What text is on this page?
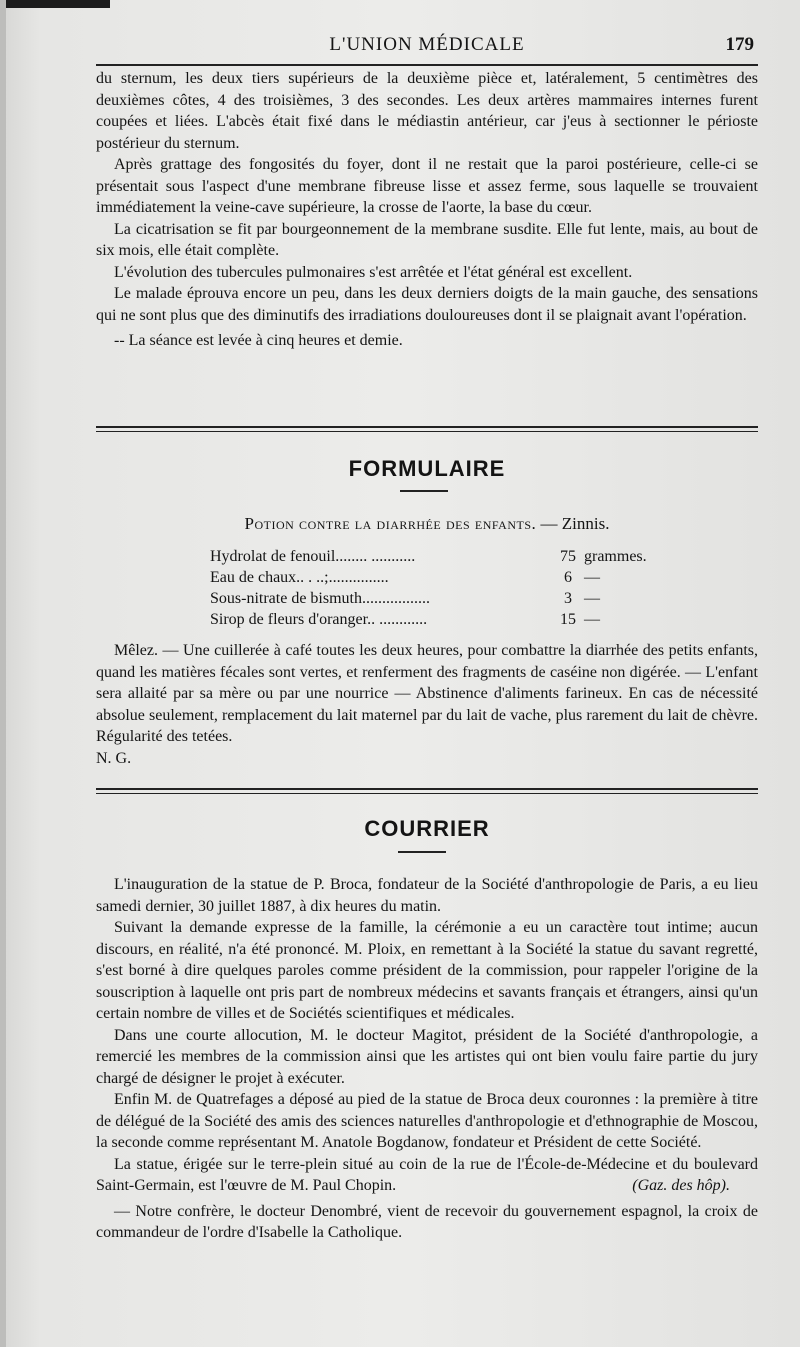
L'UNION MÉDICALE	179

du sternum, les deux tiers supérieurs de la deuxième pièce et, latéralement, 5 centimètres des deuxièmes côtes, 4 des troisièmes, 3 des secondes. Les deux artères mammaires internes furent coupées et liées. L'abcès était fixé dans le médiastin antérieur, car j'eus à sectionner le périoste postérieur du sternum.

Après grattage des fongosités du foyer, dont il ne restait que la paroi postérieure, celle-ci se présentait sous l'aspect d'une membrane fibreuse lisse et assez ferme, sous laquelle se trouvaient immédiatement la veine-cave supérieure, la crosse de l'aorte, la base du cœur.

La cicatrisation se fit par bourgeonnement de la membrane susdite. Elle fut lente, mais, au bout de six mois, elle était complète.

L'évolution des tubercules pulmonaires s'est arrêtée et l'état général est excellent.

Le malade éprouva encore un peu, dans les deux derniers doigts de la main gauche, des sensations qui ne sont plus que des diminutifs des irradiations douloureuses dont il se plaignait avant l'opération.

-- La séance est levée à cinq heures et demie.

FORMULAIRE
Potion contre la diarrhée des enfants. — Zinnis.
Hydrolat de fenouil........ ...........	75 grammes.
Eau de chaux.. . ..;...............	6 —
Sous-nitrate de bismuth.................	3 —
Sirop de fleurs d'oranger.. ............	15 —

Mêlez. — Une cuillerée à café toutes les deux heures, pour combattre la diarrhée des petits enfants, quand les matières fécales sont vertes, et renferment des fragments de caséine non digérée. — L'enfant sera allaité par sa mère ou par une nourrice — Abstinence d'aliments farineux. En cas de nécessité absolue seulement, remplacement du lait maternel par du lait de vache, plus rarement du lait de chèvre. Régularité des tetées.

N. G.

COURRIER

L'inauguration de la statue de P. Broca, fondateur de la Société d'anthropologie de Paris, a eu lieu samedi dernier, 30 juillet 1887, à dix heures du matin.

Suivant la demande expresse de la famille, la cérémonie a eu un caractère tout intime; aucun discours, en réalité, n'a été prononcé. M. Ploix, en remettant à la Société la statue du savant regretté, s'est borné à dire quelques paroles comme président de la commission, pour rappeler l'origine de la souscription à laquelle ont pris part de nombreux médecins et savants français et étrangers, ainsi qu'un certain nombre de villes et de Sociétés scientifiques et médicales.

Dans une courte allocution, M. le docteur Magitot, président de la Société d'anthropologie, a remercié les membres de la commission ainsi que les artistes qui ont bien voulu faire partie du jury chargé de désigner le projet à exécuter.

Enfin M. de Quatrefages a déposé au pied de la statue de Broca deux couronnes : la première à titre de délégué de la Société des amis des sciences naturelles d'anthropologie et d'ethnographie de Moscou, la seconde comme représentant M. Anatole Bogdanow, fondateur et Président de cette Société.

La statue, érigée sur le terre-plein situé au coin de la rue de l'École-de-Médecine et du boulevard Saint-Germain, est l'œuvre de M. Paul Chopin.	(Gaz. des hôp).

— Notre confrère, le docteur Denombré, vient de recevoir du gouvernement espagnol, la croix de commandeur de l'ordre d'Isabelle la Catholique.
